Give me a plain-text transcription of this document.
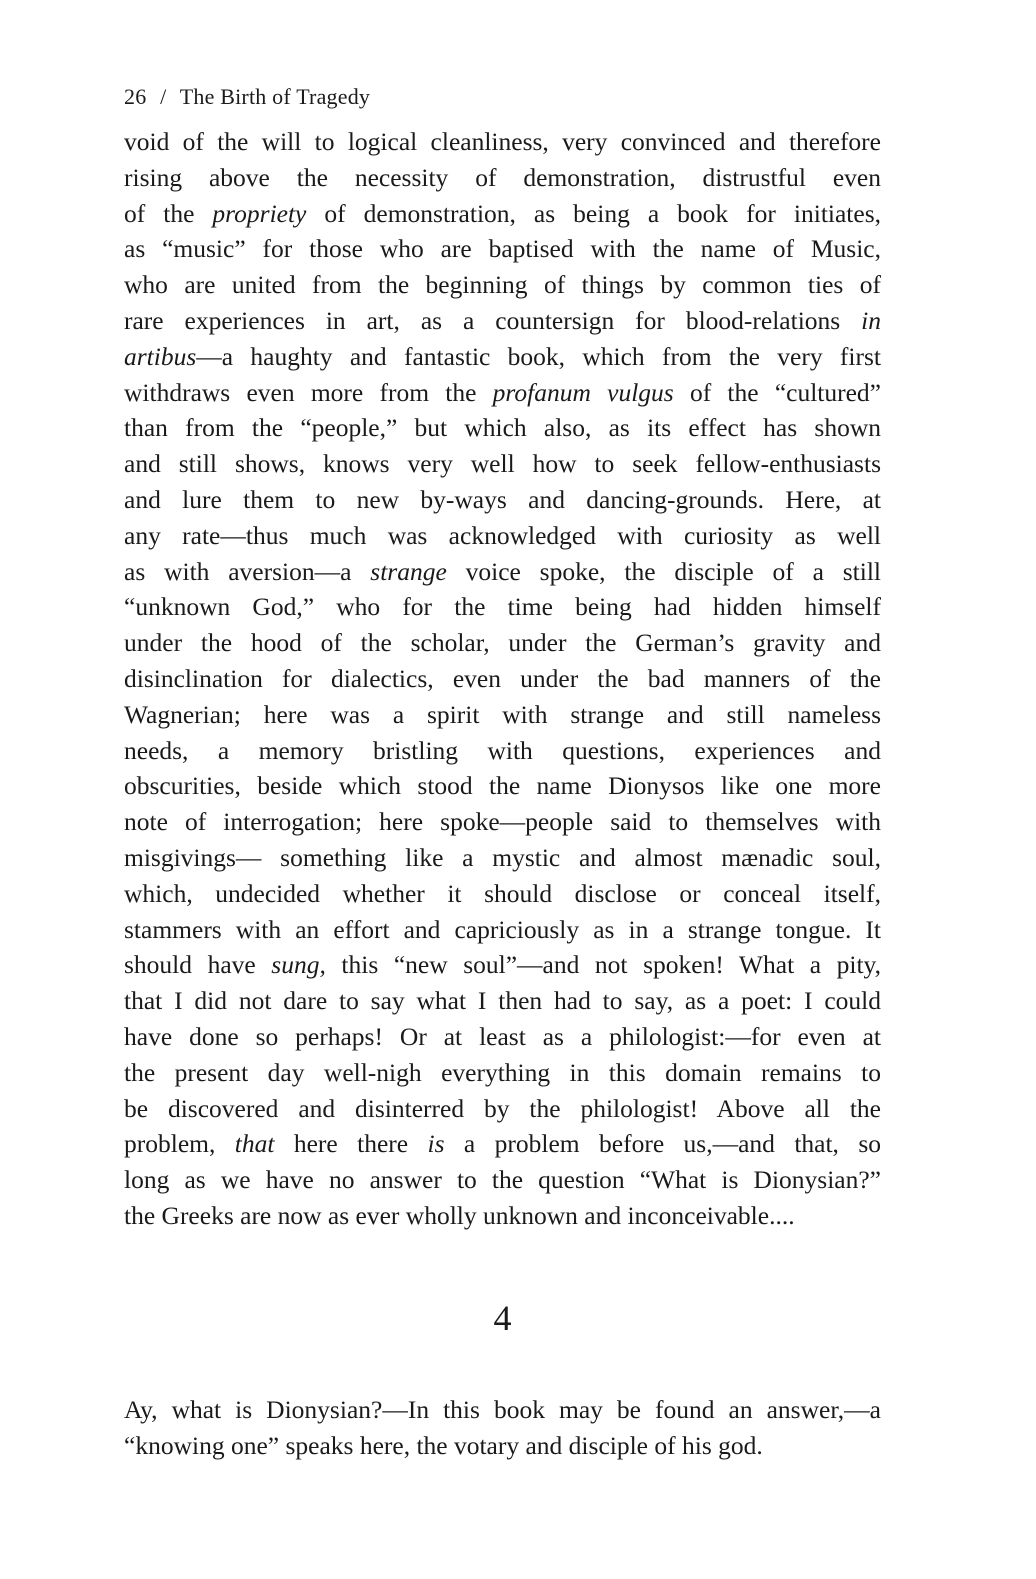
26 / The Birth of Tragedy
void of the will to logical cleanliness, very convinced and therefore
rising above the necessity of demonstration, distrustful even
of the propriety of demonstration, as being a book for initiates,
as “music” for those who are baptised with the name of Music,
who are united from the beginning of things by common ties of
rare experiences in art, as a countersign for blood-relations in
artibus—a haughty and fantastic book, which from the very first
withdraws even more from the profanum vulgus of the “cultured”
than from the “people,” but which also, as its effect has shown
and still shows, knows very well how to seek fellow-enthusiasts
and lure them to new by-ways and dancing-grounds. Here, at
any rate—thus much was acknowledged with curiosity as well
as with aversion—a strange voice spoke, the disciple of a still
“unknown God,” who for the time being had hidden himself
under the hood of the scholar, under the German’s gravity and
disinclination for dialectics, even under the bad manners of the
Wagnerian; here was a spirit with strange and still nameless
needs, a memory bristling with questions, experiences and
obscurities, beside which stood the name Dionysos like one more
note of interrogation; here spoke—people said to themselves with
misgivings— something like a mystic and almost mænadic soul,
which, undecided whether it should disclose or conceal itself,
stammers with an effort and capriciously as in a strange tongue. It
should have sung, this “new soul”—and not spoken! What a pity,
that I did not dare to say what I then had to say, as a poet: I could
have done so perhaps! Or at least as a philologist:—for even at
the present day well-nigh everything in this domain remains to
be discovered and disinterred by the philologist! Above all the
problem, that here there is a problem before us,—and that, so
long as we have no answer to the question “What is Dionysian?”
the Greeks are now as ever wholly unknown and inconceivable....
4
Ay, what is Dionysian?—In this book may be found an answer,—a
“knowing one” speaks here, the votary and disciple of his god.
